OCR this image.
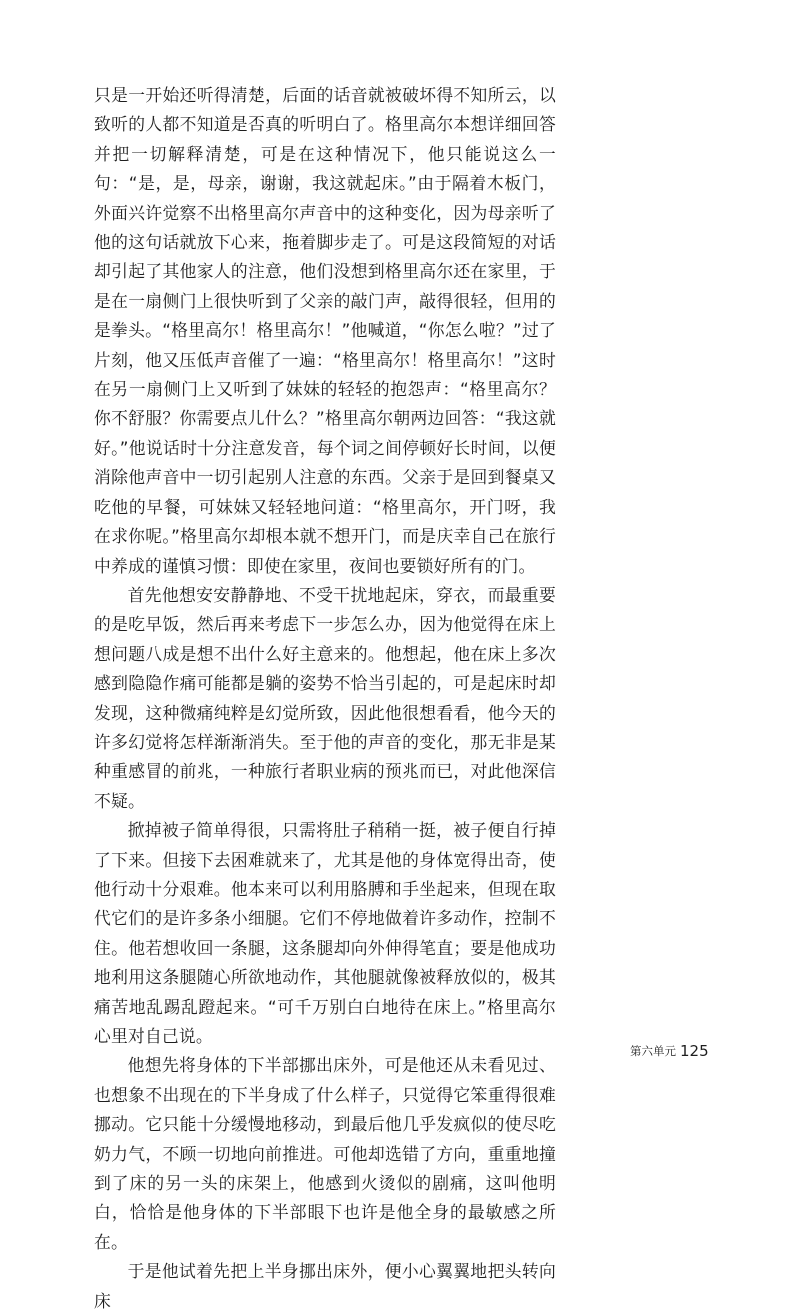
只是一开始还听得清楚，后面的话音就被破坏得不知所云，以致听的人都不知道是否真的听明白了。格里高尔本想详细回答并把一切解释清楚，可是在这种情况下，他只能说这么一句：“是，是，母亲，谢谢，我这就起床。”由于隔着木板门，外面兴许觉察不出格里高尔声音中的这种变化，因为母亲听了他的这句话就放下心来，拖着脚步走了。可是这段简短的对话却引起了其他家人的注意，他们没想到格里高尔还在家里，于是在一扇侧门上很快听到了父亲的敲门声，敲得很轻，但用的是拳头。“格里高尔！格里高尔！”他喊道，“你怎么啦？”过了片刻，他又压低声音催了一遍：“格里高尔！格里高尔！”这时在另一扇侧门上又听到了妹妹的轻轻的抱怨声：“格里高尔？你不舒服？你需要点儿什么？”格里高尔朝两边回答：“我这就好。”他说话时十分注意发音，每个词之间停顿好长时间，以便消除他声音中一切引起别人注意的东西。父亲于是回到餐桌又吃他的早餐，可妹妹又轻轻地问道：“格里高尔，开门呀，我在求你呢。”格里高尔却根本就不想开门，而是庆幸自己在旅行中养成的谨慎习惯：即使在家里，夜间也要锁好所有的门。

首先他想安安静静地、不受干扰地起床，穿衣，而最重要的是吃早饭，然后再来考虑下一步怎么办，因为他觉得在床上想问题八成是想不出什么好主意来的。他想起，他在床上多次感到隐隐作痛可能都是躺的姿势不恰当引起的，可是起床时却发现，这种微痛纯粹是幻觉所致，因此他很想看看，他今天的许多幻觉将怎样渐渐消失。至于他的声音的变化，那无非是某种重感冒的前兆，一种旅行者职业病的预兆而已，对此他深信不疑。

掀掉被子简单得很，只需将肚子稍稍一挺，被子便自行掉了下来。但接下去困难就来了，尤其是他的身体宽得出奇，使他行动十分艰难。他本来可以利用胳膊和手坐起来，但现在取代它们的是许多条小细腿。它们不停地做着许多动作，控制不住。他若想收回一条腿，这条腿却向外伸得笔直；要是他成功地利用这条腿随心所欲地动作，其他腿就像被释放似的，极其痛苦地乱踢乱蹬起来。“可千万别白白地待在床上。”格里高尔心里对自己说。

他想先将身体的下半部挪出床外，可是他还从未看见过、也想象不出现在的下半身成了什么样子，只觉得它笨重得很难挪动。它只能十分缓慢地移动，到最后他几乎发疯似的使尽吃奶力气，不顾一切地向前推进。可他却选错了方向，重重地撞到了床的另一头的床架上，他感到火烫似的剧痛，这叫他明白，恰恰是他身体的下半部眼下也许是他全身的最敏感之所在。

于是他试着先把上半身挪出床外，便小心翼翼地把头转向床

第六单元 125
